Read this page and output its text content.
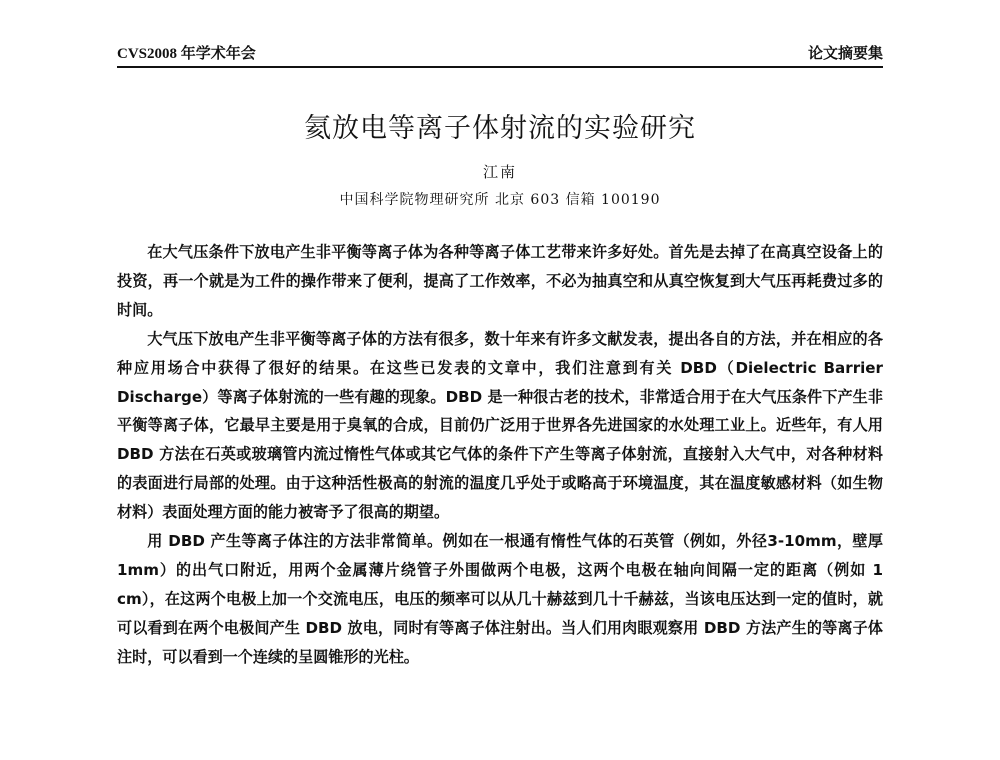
CVS2008 年学术年会	论文摘要集
氦放电等离子体射流的实验研究
江南
中国科学院物理研究所 北京 603 信箱 100190

在大气压条件下放电产生非平衡等离子体为各种等离子体工艺带来许多好处。首先是去掉了在高真空设备上的投资，再一个就是为工件的操作带来了便利，提高了工作效率，不必为抽真空和从真空恢复到大气压再耗费过多的时间。

大气压下放电产生非平衡等离子体的方法有很多，数十年来有许多文献发表，提出各自的方法，并在相应的各种应用场合中获得了很好的结果。在这些已发表的文章中，我们注意到有关 DBD（Dielectric Barrier Discharge）等离子体射流的一些有趣的现象。DBD 是一种很古老的技术，非常适合用于在大气压条件下产生非平衡等离子体，它最早主要是用于臭氧的合成，目前仍广泛用于世界各先进国家的水处理工业上。近些年，有人用 DBD 方法在石英或玻璃管内流过惰性气体或其它气体的条件下产生等离子体射流，直接射入大气中，对各种材料的表面进行局部的处理。由于这种活性极高的射流的温度几乎处于或略高于环境温度，其在温度敏感材料（如生物材料）表面处理方面的能力被寄予了很高的期望。

用 DBD 产生等离子体注的方法非常简单。例如在一根通有惰性气体的石英管（例如，外径3-10mm，壁厚 1mm）的出气口附近，用两个金属薄片绕管子外围做两个电极，这两个电极在轴向间隔一定的距离（例如 1 cm），在这两个电极上加一个交流电压，电压的频率可以从几十赫兹到几十千赫兹，当该电压达到一定的值时，就可以看到在两个电极间产生 DBD 放电，同时有等离子体注射出。当人们用肉眼观察用 DBD 方法产生的等离子体注时，可以看到一个连续的呈圆锥形的光柱。
